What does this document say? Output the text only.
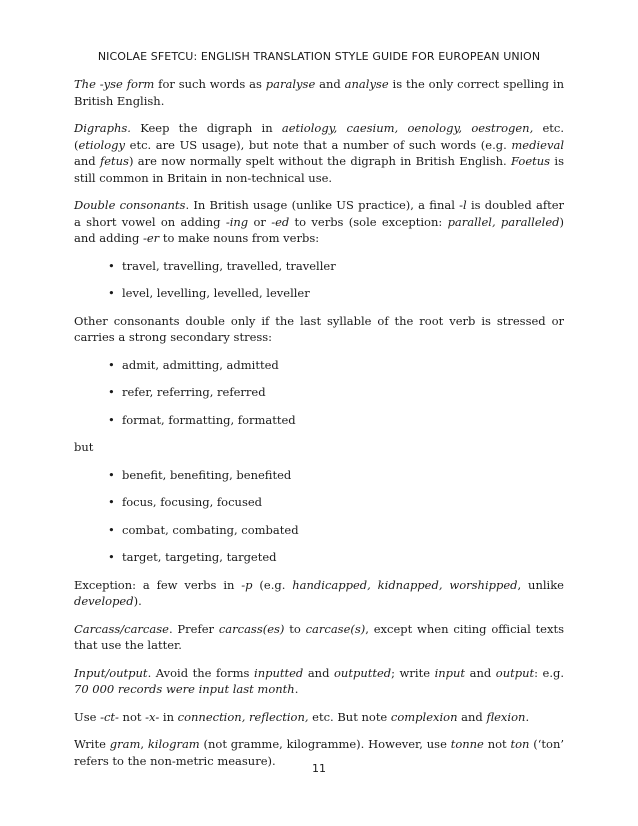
NICOLAE SFETCU: ENGLISH TRANSLATION STYLE GUIDE FOR EUROPEAN UNION

The -yse form for such words as paralyse and analyse is the only correct spelling in British English.

Digraphs. Keep the digraph in aetiology, caesium, oenology, oestrogen, etc. (etiology etc. are US usage), but note that a number of such words (e.g. medieval and fetus) are now normally spelt without the digraph in British English. Foetus is still common in Britain in non-technical use.

Double consonants. In British usage (unlike US practice), a final -l is doubled after a short vowel on adding -ing or -ed to verbs (sole exception: parallel, paralleled) and adding -er to make nouns from verbs:

• travel, travelling, travelled, traveller
• level, levelling, levelled, leveller

Other consonants double only if the last syllable of the root verb is stressed or carries a strong secondary stress:

• admit, admitting, admitted
• refer, referring, referred
• format, formatting, formatted

but

• benefit, benefiting, benefited
• focus, focusing, focused
• combat, combating, combated
• target, targeting, targeted

Exception: a few verbs in -p (e.g. handicapped, kidnapped, worshipped, unlike developed).

Carcass/carcase. Prefer carcass(es) to carcase(s), except when citing official texts that use the latter.

Input/output. Avoid the forms inputted and outputted; write input and output: e.g. 70 000 records were input last month.

Use -ct- not -x- in connection, reflection, etc. But note complexion and flexion.

Write gram, kilogram (not gramme, kilogramme). However, use tonne not ton (‘ton’ refers to the non-metric measure).

11
